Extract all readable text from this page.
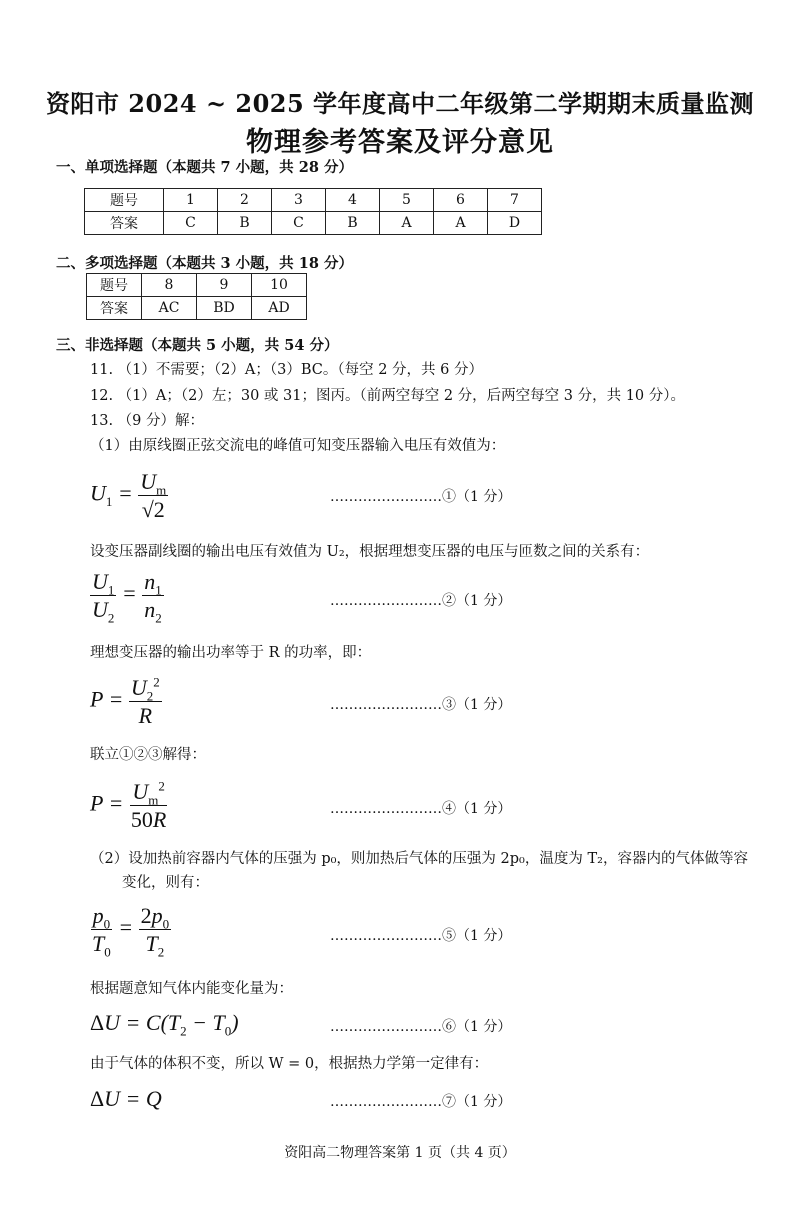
资阳市 2024 ~ 2025 学年度高中二年级第二学期期末质量监测
物理参考答案及评分意见
一、单项选择题（本题共 7 小题，共 28 分）
题号	1	2	3	4	5	6	7
答案	C	B	C	B	A	A	D
二、多项选择题（本题共 3 小题，共 18 分）
题号	8	9	10
答案	AC	BD	AD
三、非选择题（本题共 5 小题，共 54 分）
11. （1）不需要；（2）A；（3）BC。（每空 2 分，共 6 分）
12. （1）A；（2）左；30 或 31；图丙。（前两空每空 2 分，后两空每空 3 分，共 10 分）。
13. （9 分）解：
（1）由原线圈正弦交流电的峰值可知变压器输入电压有效值为：
$U_1 = \frac{U_m}{√2}$	……………………①（1 分）
设变压器副线圈的输出电压有效值为 U₂，根据理想变压器的电压与匝数之间的关系有：
$\frac{U_1}{U_2} = \frac{n_1}{n_2}$	……………………②（1 分）
理想变压器的输出功率等于 R 的功率，即：
$P = \frac{U_2^2}{R}$	……………………③（1 分）
联立①②③解得：
$P = \frac{U_m^2}{50R}$	……………………④（1 分）
（2）设加热前容器内气体的压强为 p₀，则加热后气体的压强为 2p₀，温度为 T₂，容器内的气体做等容
变化，则有：
$\frac{p_0}{T_0} = \frac{2p_0}{T_2}$	……………………⑤（1 分）
根据题意知气体内能变化量为：
$\Delta U = C(T_2 - T_0)$	……………………⑥（1 分）
由于气体的体积不变，所以 W = 0，根据热力学第一定律有：
ΔU = Q	……………………⑦（1 分）
资阳高二物理答案第 1 页（共 4 页）
